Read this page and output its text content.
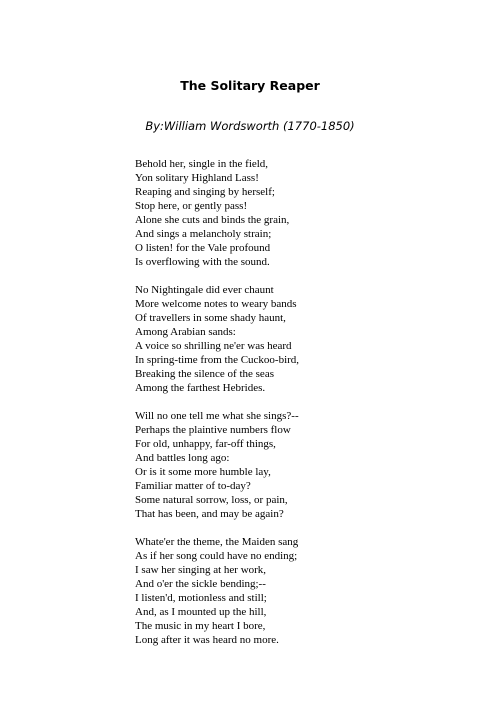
The Solitary Reaper
By:William Wordsworth (1770-1850)
Behold her, single in the field,
Yon solitary Highland Lass!
Reaping and singing by herself;
Stop here, or gently pass!
Alone she cuts and binds the grain,
And sings a melancholy strain;
O listen! for the Vale profound
Is overflowing with the sound.
No Nightingale did ever chaunt
More welcome notes to weary bands
Of travellers in some shady haunt,
Among Arabian sands:
A voice so shrilling ne'er was heard
In spring-time from the Cuckoo-bird,
Breaking the silence of the seas
Among the farthest Hebrides.
Will no one tell me what she sings?--
Perhaps the plaintive numbers flow
For old, unhappy, far-off things,
And battles long ago:
Or is it some more humble lay,
Familiar matter of to-day?
Some natural sorrow, loss, or pain,
That has been, and may be again?
Whate'er the theme, the Maiden sang
As if her song could have no ending;
I saw her singing at her work,
And o'er the sickle bending;--
I listen'd, motionless and still;
And, as I mounted up the hill,
The music in my heart I bore,
Long after it was heard no more.
